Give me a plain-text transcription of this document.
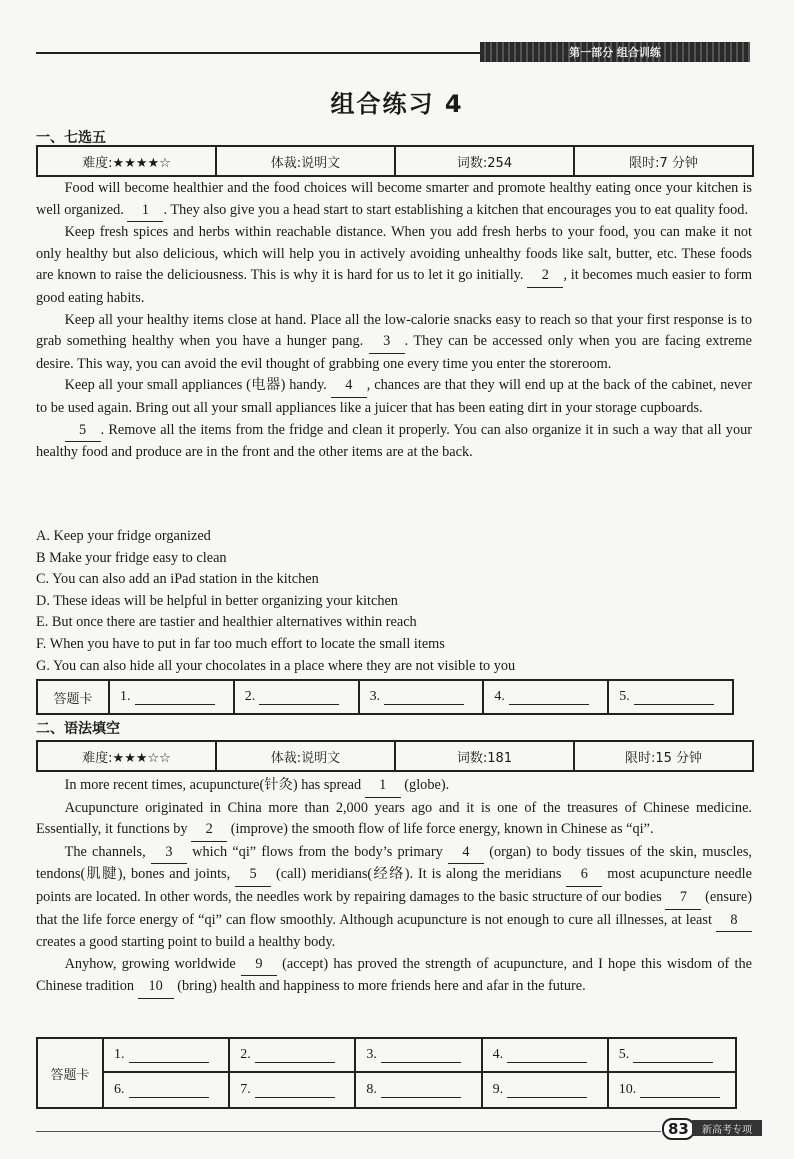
第一部分 组合训练
组合练习 4
一、七选五
难度:★★★★☆	体裁:说明文	词数:254	限时:7 分钟

Food will become healthier and the food choices will become smarter and promote healthy eating once your kitchen is well organized. 1 . They also give you a head start to start establishing a kitchen that encourages you to eat quality food.

Keep fresh spices and herbs within reachable distance. When you add fresh herbs to your food, you can make it not only healthy but also delicious, which will help you in actively avoiding unhealthy foods like salt, butter, etc. These foods are known to raise the deliciousness. This is why it is hard for us to let it go initially. 2 , it becomes much easier to form good eating habits.

Keep all your healthy items close at hand. Place all the low-calorie snacks easy to reach so that your first response is to grab something healthy when you have a hunger pang. 3 . They can be accessed only when you are facing extreme desire. This way, you can avoid the evil thought of grabbing one every time you enter the storeroom.

Keep all your small appliances (电器) handy. 4 , chances are that they will end up at the back of the cabinet, never to be used again. Bring out all your small appliances like a juicer that has been eating dirt in your storage cupboards.

5 . Remove all the items from the fridge and clean it properly. You can also organize it in such a way that all your healthy food and produce are in the front and the other items are at the back.

A. Keep your fridge organized
B Make your fridge easy to clean
C. You can also add an iPad station in the kitchen
D. These ideas will be helpful in better organizing your kitchen
E. But once there are tastier and healthier alternatives within reach
F. When you have to put in far too much effort to locate the small items
G. You can also hide all your chocolates in a place where they are not visible to you
答题卡	1.	2.	3.	4.	5.
二、语法填空
难度:★★★☆☆	体裁:说明文	词数:181	限时:15 分钟

In more recent times, acupuncture(针灸) has spread 1 (globe).

Acupuncture originated in China more than 2,000 years ago and it is one of the treasures of Chinese medicine. Essentially, it functions by 2 (improve) the smooth flow of life force energy, known in Chinese as “qi”.

The channels, 3 which “qi” flows from the body’s primary 4 (organ) to body tissues of the skin, muscles, tendons(肌腱), bones and joints, 5 (call) meridians(经络). It is along the meridians 6 most acupuncture needle points are located. In other words, the needles work by repairing damages to the basic structure of our bodies 7 (ensure) that the life force energy of “qi” can flow smoothly. Although acupuncture is not enough to cure all illnesses, at least 8 creates a good starting point to build a healthy body.

Anyhow, growing worldwide 9 (accept) has proved the strength of acupuncture, and I hope this wisdom of the Chinese tradition 10 (bring) health and happiness to more friends here and afar in the future.

答题卡
1.	2.	3.	4.	5.
6.	7.	8.	9.	10.
83	新高考专项
